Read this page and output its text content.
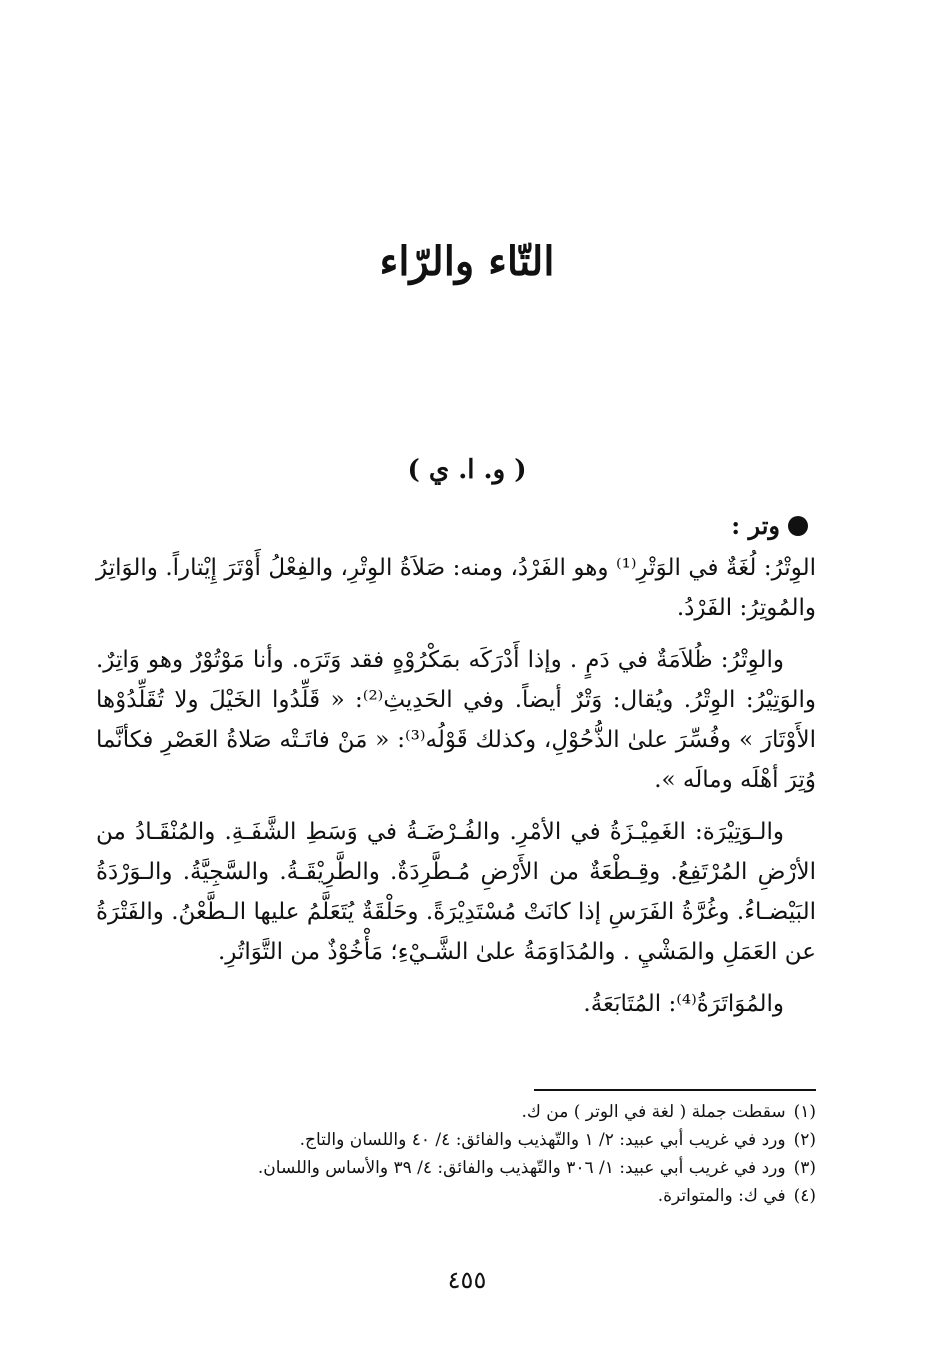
التّاء والرّاء
( و. ا. ي )
وتر :

الوِتْرُ: لُغَةٌ في الوَتْرِ⁽¹⁾ وهو الفَرْدُ، ومنه: صَلاَةُ الوِتْرِ، والفِعْلُ أَوْتَرَ إِيْتاراً. والوَاتِرُ والمُوتِرُ: الفَرْدُ.

والوِتْرُ: ظُلاَمَةٌ في دَمٍ . وإذا أَدْرَكَه بمَكْرُوْهٍ فقد وَتَرَه. وأنا مَوْتُوْرٌ وهو وَاتِرٌ. والوَتِيْرُ: الوِتْرُ. ويُقال: وَتْرٌ أيضاً. وفي الحَدِيثِ⁽²⁾: « قَلِّدُوا الخَيْلَ ولا تُقَلِّدُوْها الأَوْتَارَ » وفُسِّرَ علىٰ الذُّحُوْلِ، وكذلك قَوْلُه⁽³⁾: « مَنْ فاتَـتْه صَلاةُ العَصْرِ فكأنَّما وُتِرَ أهْلَه ومالَه ».

والـوَتِيْرَة: الغَمِيْـزَةُ في الأمْرِ. والفُـرْضَـةُ في وَسَطِ الشَّفَـةِ. والمُنْقَـادُ من الأرْضِ المُرْتَفِعُ. وقِـطْعَةٌ من الأَرْضِ مُـطَّرِدَةٌ. والطَّرِيْقَـةُ. والسَّجِيَّةُ. والـوَرْدَةُ البَيْضـاءُ. وغُرَّةُ الفَرَسِ إذا كانَتْ مُسْتَدِيْرَةً. وحَلْقَةٌ يُتَعَلَّمُ عليها الـطَّعْنُ. والفَتْرَةُ عن العَمَلِ والمَشْيِ . والمُدَاوَمَةُ علىٰ الشَّـيْءِ؛ مَأْخُوْذٌ من التَّوَاتُرِ.

والمُوَاتَرَةُ⁽⁴⁾: المُتَابَعَةُ.

(١)
سقطت جملة ( لغة في الوتر ) من ك.
(٢)
ورد في غريب أبي عبيد: ٢/ ١ والتّهذيب والفائق: ٤/ ٤٠ واللسان والتاج.
(٣)
ورد في غريب أبي عبيد: ١/ ٣٠٦ والتّهذيب والفائق: ٤/ ٣٩ والأساس واللسان.
(٤)
في ك: والمتواترة.
٤٥٥
